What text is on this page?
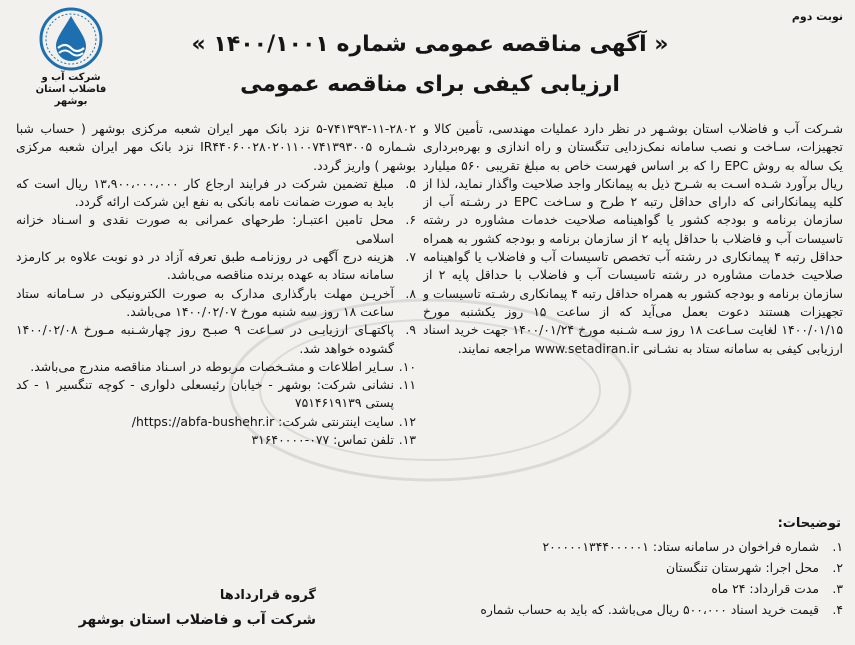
نوبت دوم
شرکت آب و
فاضلاب استان
بوشهر
« آگهی مناقصه عمومی شماره ۱۴۰۰/۱۰۰۱ »
ارزیابی کیفی برای مناقصه عمومی

شـرکت آب و فاضلاب استان بوشـهر در نظر دارد عملیات مهندسی، تأمین کالا و تجهیزات، سـاخت و نصب سامانه نمک‌زدایی تنگستان و راه اندازی و بهره‌برداری یک ساله به روش EPC را که بر اساس فهرست خاص به مبلغ تقریبی ۵۶۰ میلیارد ریال برآورد شـده اسـت به شـرح ذیل به پیمانکار واجد صلاحیت واگذار نماید، لذا از کلیه پیمانکارانی که دارای حداقل رتبه ۲ طرح و سـاخت EPC در رشـته آب از سازمان برنامه و بودجه کشور یا گواهینامه صلاحیت خدمات مشاوره در رشته تاسیسات آب و فاضلاب با حداقل پایه ۲ از سازمان برنامه و بودجه کشور به همراه حداقل رتبه ۴ پیمانکاری در رشته آب تخصص تاسیسات آب و فاضلاب یا گواهینامه صلاحیت خدمات مشاوره در رشته تاسیسات آب و فاضلاب با حداقل پایه ۲ از سازمان برنامه و بودجه کشور به همراه حداقل رتبه ۴ پیمانکاری رشـته تاسیسات و تجهیزات هستند دعوت بعمل می‌آید که از ساعت ۱۵ روز یکشنبه مورخ ۱۴۰۰/۰۱/۱۵ لغایت سـاعت ۱۸ روز سـه شـنبه مورخ ۱۴۰۰/۰۱/۲۴ جهت خرید اسناد ارزیابی کیفی به سامانه ستاد به نشـانی www.setadiran.ir مراجعه نمایند.

توضیحات:
۱.
شماره فراخوان در سامانه ستاد: ۲۰۰۰۰۰۱۳۴۴۰۰۰۰۰۱
۲.
محل اجرا: شهرستان تنگستان
۳.
مدت قرارداد: ۲۴ ماه
۴.
قیمت خرید اسناد ۵۰۰،۰۰۰ ریال می‌باشد. که باید به حساب شماره
۵-۷۴۱۳۹۳-۱۱-۲۸۰۲ نزد بانک مهر ایران شعبه مرکزی بوشهر ( حساب شبا شـماره IR۴۴۰۶۰۰۲۸۰۲۰۱۱۰۰۷۴۱۳۹۳۰۰۵ نزد بانک مهر ایران شعبه مرکزی بوشهر ) واریز گردد.
۵.
مبلغ تضمین شرکت در فرایند ارجاع کار ۱۳،۹۰۰،۰۰۰،۰۰۰ ریال است که باید به صورت ضمانت نامه بانکی به نفع این شرکت ارائه گردد.
۶.
محل تامین اعتبـار: طرحهای عمرانی به صورت نقدی و اسـناد خزانه اسلامی
۷.
هزینه درج آگهی در روزنامـه طبق تعرفه آزاد در دو نوبت علاوه بر کارمزد سامانه ستاد به عهده برنده مناقصه می‌باشد.
۸.
آخریـن مهلت بارگذاری مدارک به صورت الکترونیکی در سـامانه ستاد ساعت ۱۸ روز سه شنبه مورخ ۱۴۰۰/۰۲/۰۷ می‌باشد.
۹.
پاکتهـای ارزیابـی در سـاعت ۹ صبـح روز چهارشـنبه مـورخ ۱۴۰۰/۰۲/۰۸ گشوده خواهد شد.
۱۰.
سـایر اطلاعات و مشـخصات مربوطه در اسـناد مناقصه مندرج می‌باشد.
۱۱.
نشانی شرکت: بوشهر - خیابان رئیسعلی دلواری - کوچه تنگسیر ۱ - کد پستی ۷۵۱۴۶۱۹۱۳۹
۱۲.
سایت اینترنتی شرکت: https://abfa-bushehr.ir/
۱۳.
تلفن تماس: ۰۷۷-۳۱۶۴۰۰۰۰
گروه قراردادها
شرکت آب و فاضلاب استان بوشهر
